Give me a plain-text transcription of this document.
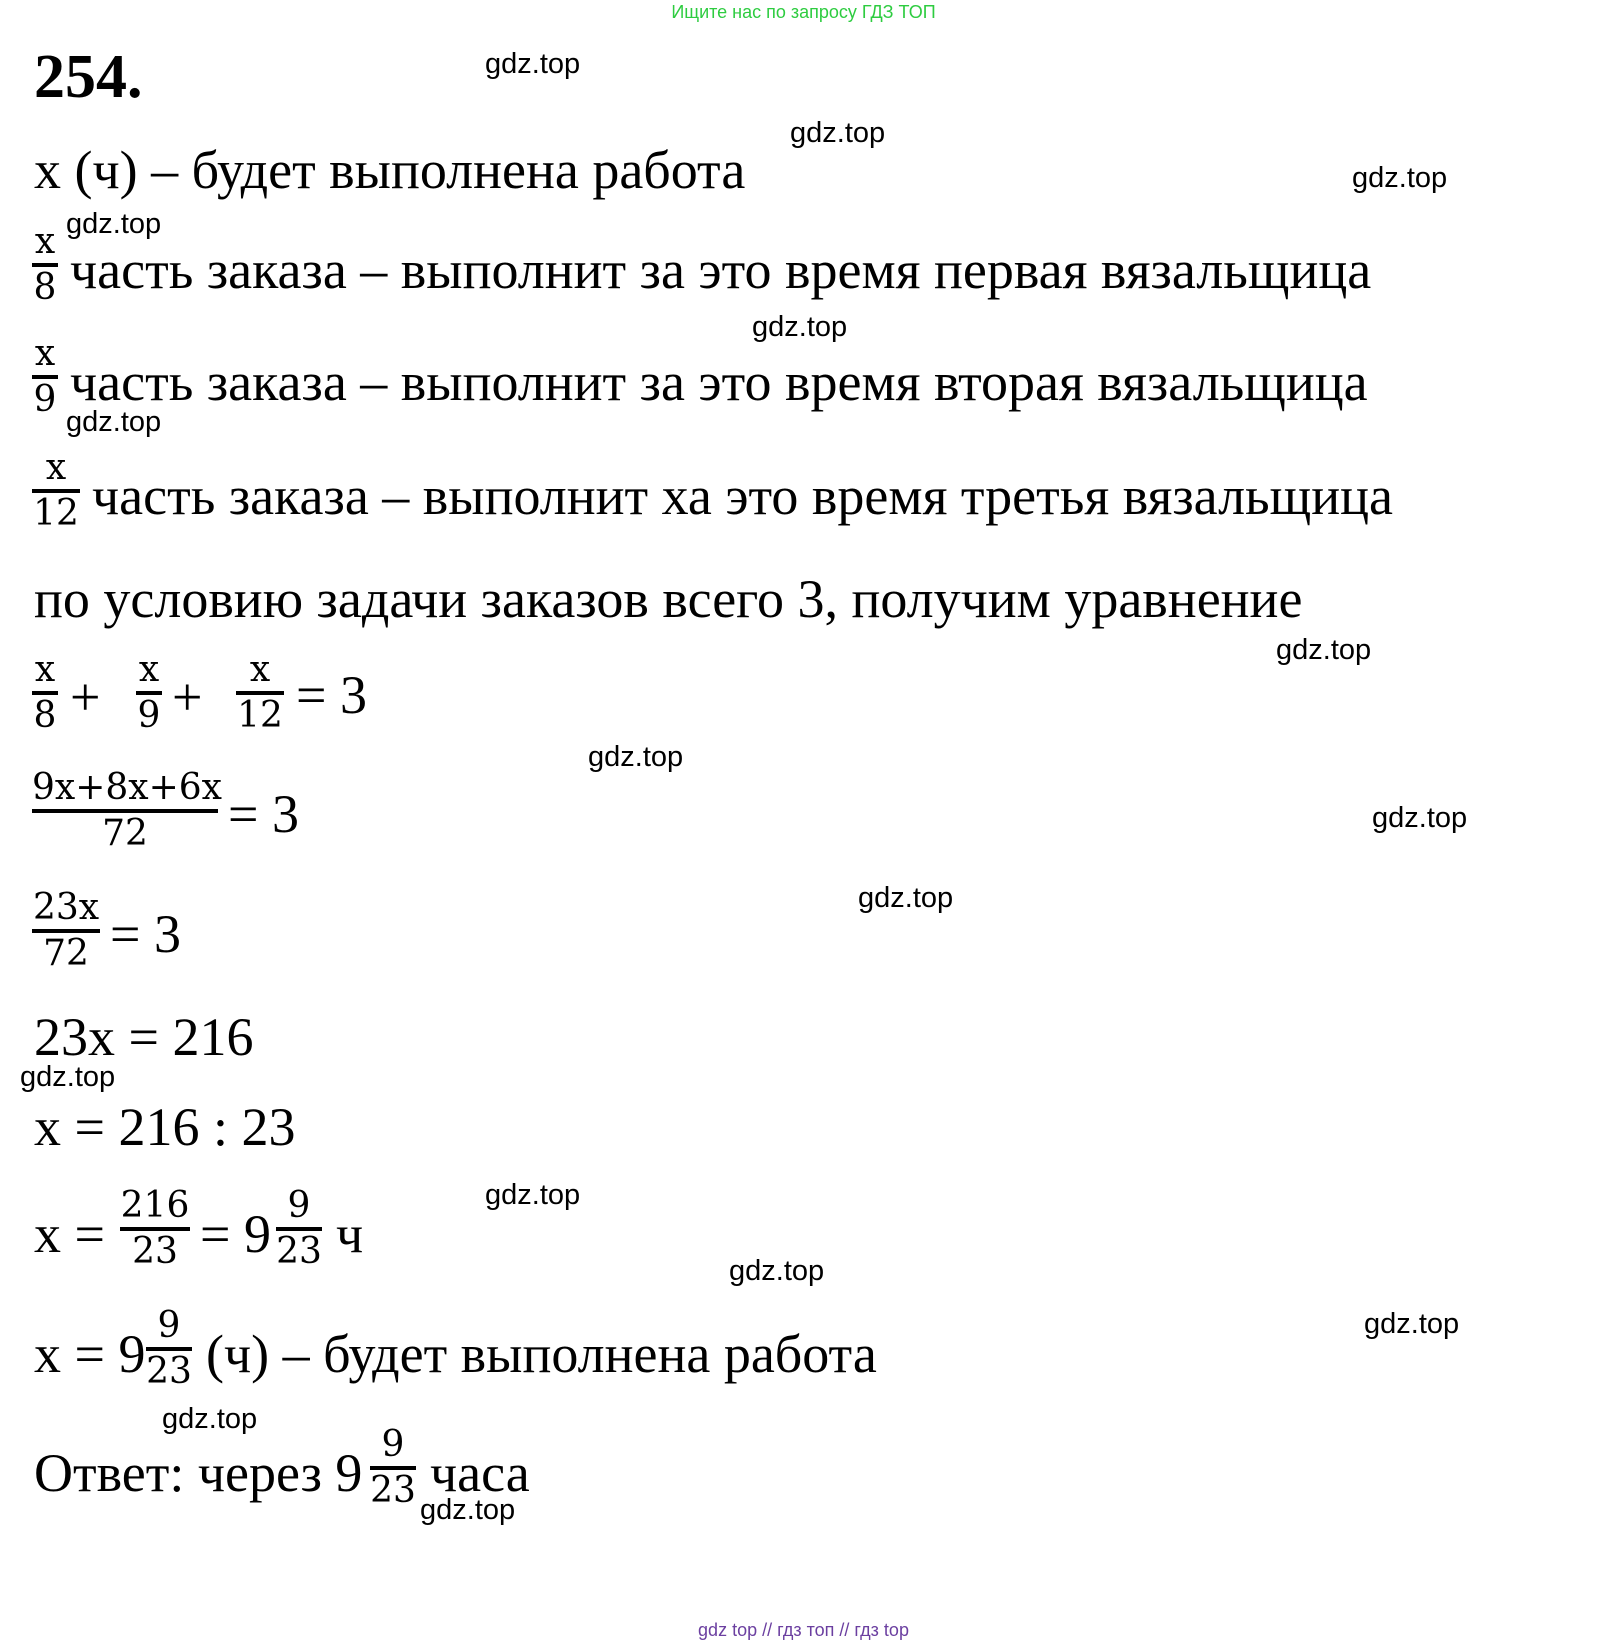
Ищите нас по запросу ГДЗ ТОП
254.
х (ч) – будет выполнена работа
x
8 часть заказа – выполнит за это время первая вязальщица
x
9 часть заказа – выполнит за это время вторая вязальщица
x
12 часть заказа – выполнит ха это время третья вязальщица
по условию задачи заказов всего 3, получим уравнение
x
8 + x
9 +	x
12 = 3
9x+8x+6x
72	= 3
23x
72 = 3
23х = 216
х = 216 : 23
х = 216
23 = 9 9
23 ч
х = 9 9
23 (ч) – будет выполнена работа
Ответ: через 9 9
23 часа
gdz.top
gdz.top
gdz.top
gdz.top
gdz.top
gdz.top
gdz.top
gdz.top
gdz.top
gdz.top
gdz.top
gdz.top
gdz.top
gdz.top
gdz.top
gdz.top
gdz top // гдз топ // гдз top
